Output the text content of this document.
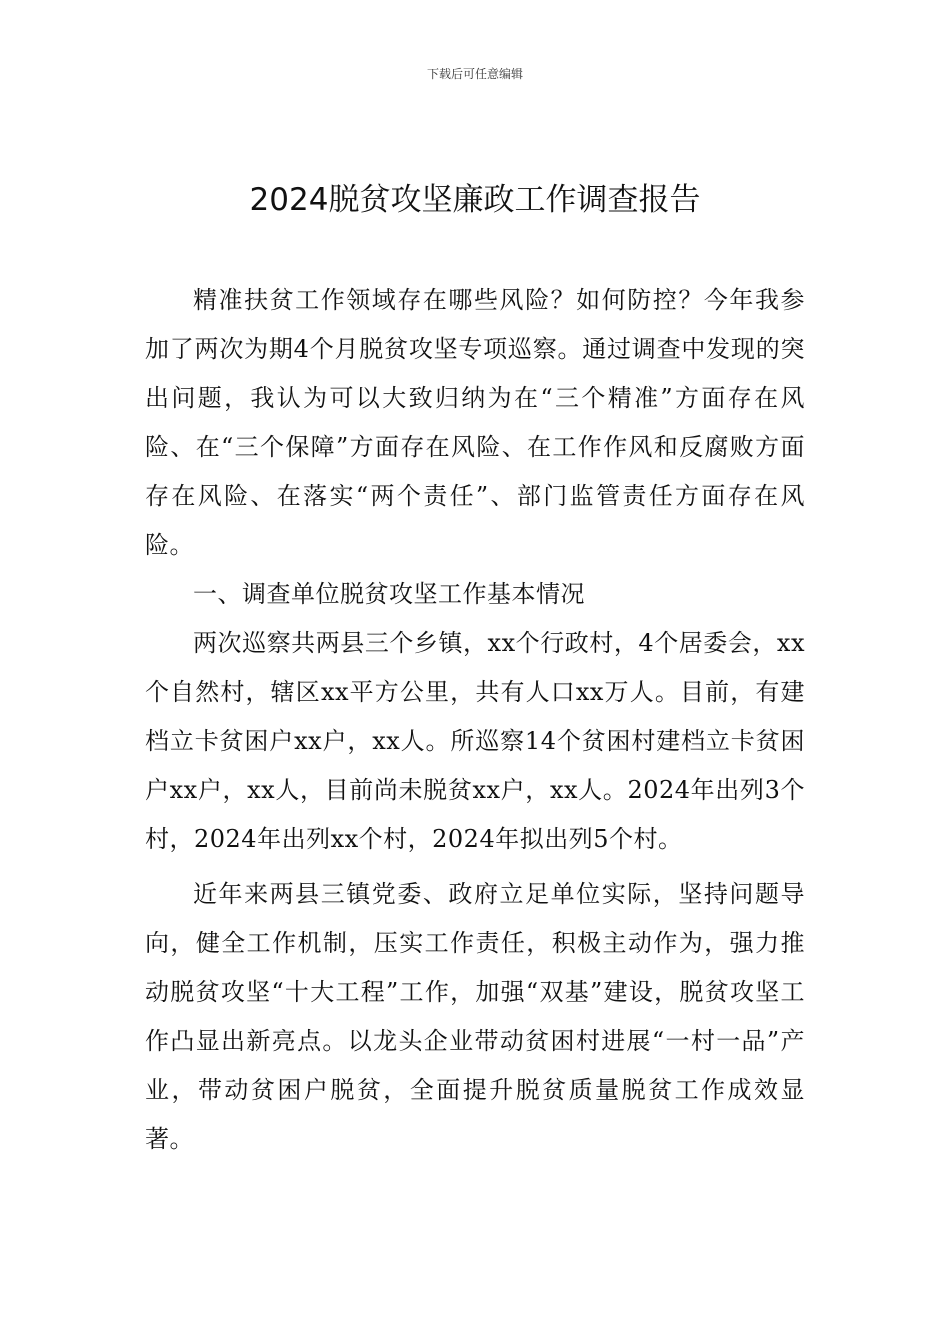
下载后可任意编辑
2024脱贫攻坚廉政工作调查报告

精准扶贫工作领域存在哪些风险？如何防控？今年我参加了两次为期4个月脱贫攻坚专项巡察。通过调查中发现的突出问题，我认为可以大致归纳为在“三个精准”方面存在风险、在“三个保障”方面存在风险、在工作作风和反腐败方面存在风险、在落实“两个责任”、部门监管责任方面存在风险。

一、调查单位脱贫攻坚工作基本情况

两次巡察共两县三个乡镇，xx个行政村，4个居委会，xx个自然村，辖区xx平方公里，共有人口xx万人。目前，有建档立卡贫困户xx户，xx人。所巡察14个贫困村建档立卡贫困户xx户，xx人，目前尚未脱贫xx户，xx人。2024年出列3个村，2024年出列xx个村，2024年拟出列5个村。

近年来两县三镇党委、政府立足单位实际，坚持问题导向，健全工作机制，压实工作责任，积极主动作为，强力推动脱贫攻坚“十大工程”工作，加强“双基”建设，脱贫攻坚工作凸显出新亮点。以龙头企业带动贫困村进展“一村一品”产业，带动贫困户脱贫，全面提升脱贫质量脱贫工作成效显著。
